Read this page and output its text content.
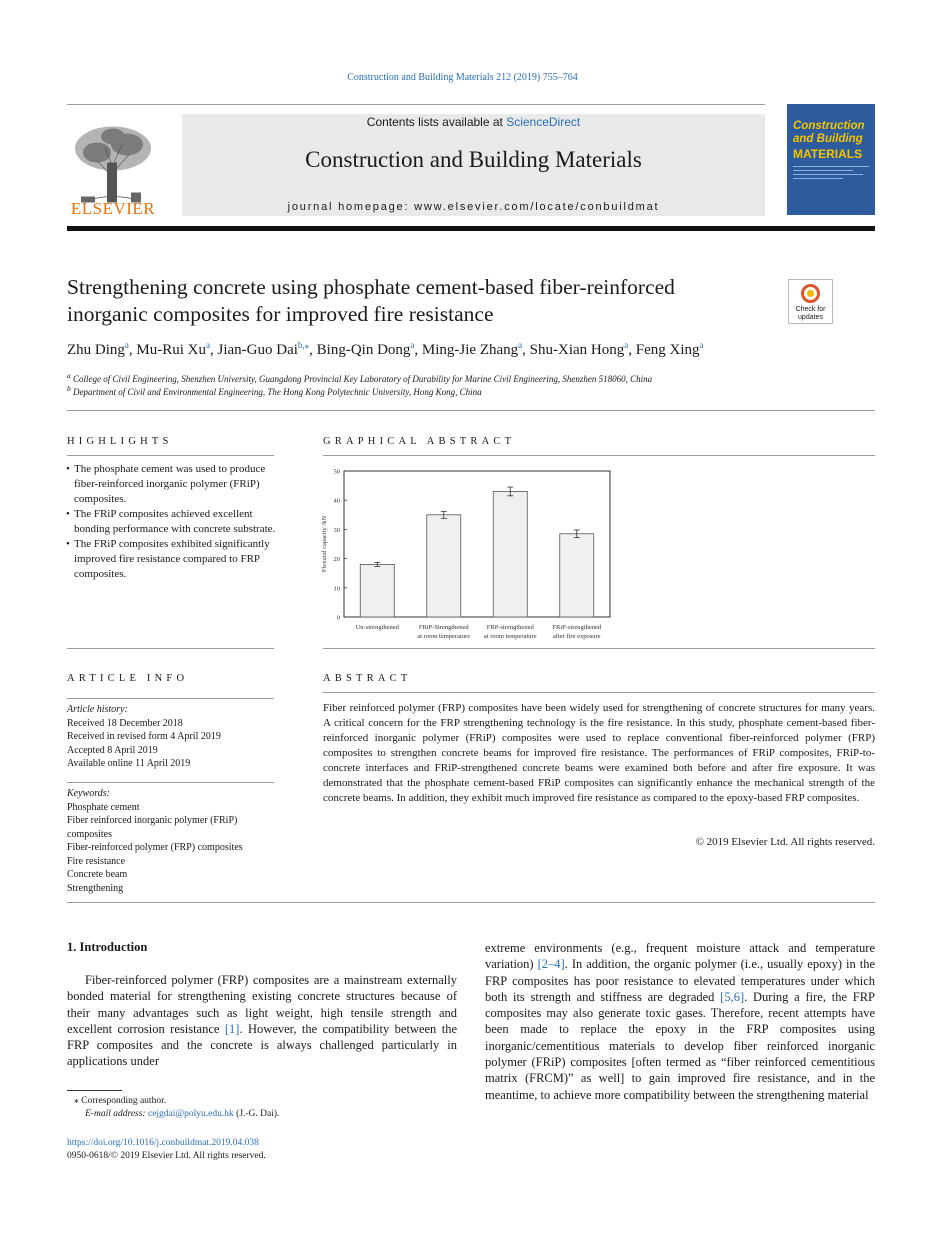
Construction and Building Materials 212 (2019) 755–764
ELSEVIER
Contents lists available at ScienceDirect
Construction and Building Materials
journal homepage: www.elsevier.com/locate/conbuildmat
Construction and Building
MATERIALS
Strengthening concrete using phosphate cement-based fiber-reinforced
inorganic composites for improved fire resistance	Check for updates
Zhu Ding$^a$, Mu-Rui Xu$^a$, Jian-Guo Dai$^{b,⁎}$, Bing-Qin Dong$^a$, Ming-Jie Zhang$^a$, Shu-Xian Hong$^a$, Feng Xing$^a$
$^a$ College of Civil Engineering, Shenzhen University, Guangdong Provincial Key Laboratory of Durability for Marine Civil Engineering, Shenzhen 518060, China
$^b$ Department of Civil and Environmental Engineering, The Hong Kong Polytechnic University, Hong Kong, China
HIGHLIGHTS
• The phosphate cement was used to produce fiber-reinforced inorganic polymer (FRiP) composites.
• The FRiP composites achieved excellent bonding performance with concrete substrate.
• The FRiP composites exhibited significantly improved fire resistance compared to FRP composites.
GRAPHICAL ABSTRACT
0
10
20
30
40
50
Flexural capacity /kN
Un-strengthened	FRiP-Strengthened
at room temperature
FRP-strengthened
at room temperature
FRiP-strengthened
after fire exposure
ARTICLE INFO
Article history:
Received 18 December 2018
Received in revised form 4 April 2019
Accepted 8 April 2019
Available online 11 April 2019
Keywords:
Phosphate cement
Fiber reinforced inorganic polymer (FRiP) composites
Fiber-reinforced polymer (FRP) composites
Fire resistance
Concrete beam
Strengthening
ABSTRACT
Fiber reinforced polymer (FRP) composites have been widely used for strengthening of concrete structures for many years. A critical concern for the FRP strengthening technology is the fire resistance. In this study, phosphate cement-based fiber-reinforced inorganic polymer (FRiP) composites were used to replace conventional fiber-reinforced polymer (FRP) composites to strengthen concrete beams for improved fire resistance. The performances of FRiP composites, FRiP-to-concrete interfaces and FRiP-strengthened concrete beams were examined both before and after fire exposure. It was demonstrated that the phosphate cement-based FRiP composites can significantly enhance the mechanical strength of the concrete beams. In addition, they exhibit much improved fire resistance as compared to the epoxy-based FRP composites.
© 2019 Elsevier Ltd. All rights reserved.
1. Introduction
Fiber-reinforced polymer (FRP) composites are a mainstream externally bonded material for strengthening existing concrete structures because of their many advantages such as light weight, high tensile strength and excellent corrosion resistance [1]. However, the compatibility between the FRP composites and the concrete is always challenged particularly in applications under
extreme environments (e.g., frequent moisture attack and temperature variation) [2–4]. In addition, the organic polymer (i.e., usually epoxy) in the FRP composites has poor resistance to elevated temperatures under which both its strength and stiffness are degraded [5,6]. During a fire, the FRP composites may also generate toxic gases. Therefore, recent attempts have been made to replace the epoxy in the FRP composites using inorganic/cementitious materials to develop fiber reinforced inorganic polymer (FRiP) composites [often termed as “fiber reinforced cementitious matrix (FRCM)” as well] to gain improved fire resistance, and in the meantime, to achieve more compatibility between the strengthening material
⁎ Corresponding author.
E-mail address: cejgdai@polyu.edu.hk (J.-G. Dai).
https://doi.org/10.1016/j.conbuildmat.2019.04.038
0950-0618/© 2019 Elsevier Ltd. All rights reserved.
